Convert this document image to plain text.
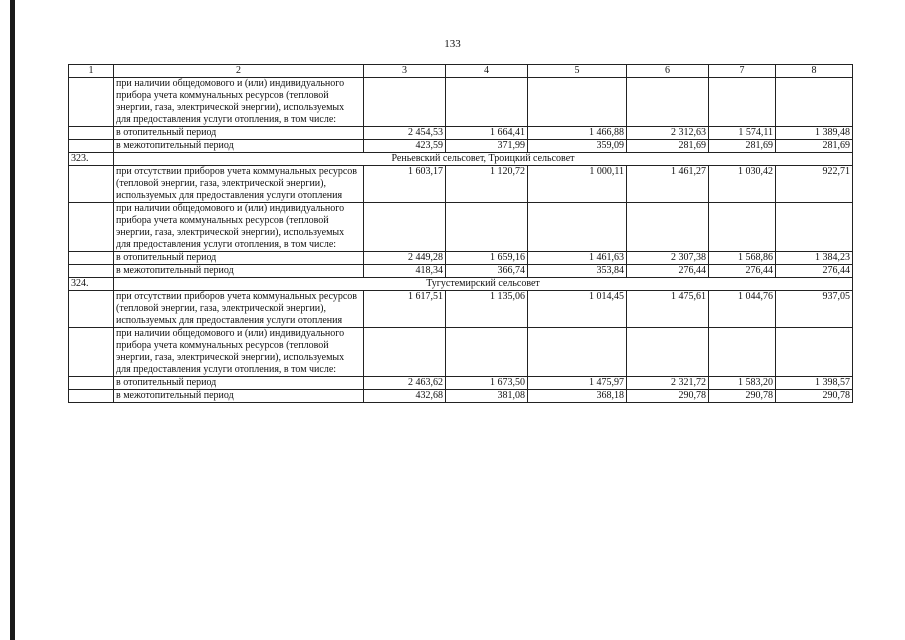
133
1	2	3	4	5	6	7	8
	при наличии общедомового и (или) индивидуального прибора учета коммунальных ресурсов (тепловой энергии, газа, электрической энергии), используемых для предоставления услуги отопления, в том числе:						
	в отопительный период	2 454,53	1 664,41	1 466,88	2 312,63	1 574,11	1 389,48
	в межотопительный период	423,59	371,99	359,09	281,69	281,69	281,69
323.	Реньевский сельсовет, Троицкий сельсовет						
	при отсутствии приборов учета коммунальных ресурсов (тепловой энергии, газа, электрической энергии), используемых для предоставления услуги отопления	1 603,17	1 120,72	1 000,11	1 461,27	1 030,42	922,71
	при наличии общедомового и (или) индивидуального прибора учета коммунальных ресурсов (тепловой энергии, газа, электрической энергии), используемых для предоставления услуги отопления, в том числе:						
	в отопительный период	2 449,28	1 659,16	1 461,63	2 307,38	1 568,86	1 384,23
	в межотопительный период	418,34	366,74	353,84	276,44	276,44	276,44
324.	Тугустемирский сельсовет						
	при отсутствии приборов учета коммунальных ресурсов (тепловой энергии, газа, электрической энергии), используемых для предоставления услуги отопления	1 617,51	1 135,06	1 014,45	1 475,61	1 044,76	937,05
	при наличии общедомового и (или) индивидуального прибора учета коммунальных ресурсов (тепловой энергии, газа, электрической энергии), используемых для предоставления услуги отопления, в том числе:						
	в отопительный период	2 463,62	1 673,50	1 475,97	2 321,72	1 583,20	1 398,57
	в межотопительный период	432,68	381,08	368,18	290,78	290,78	290,78
